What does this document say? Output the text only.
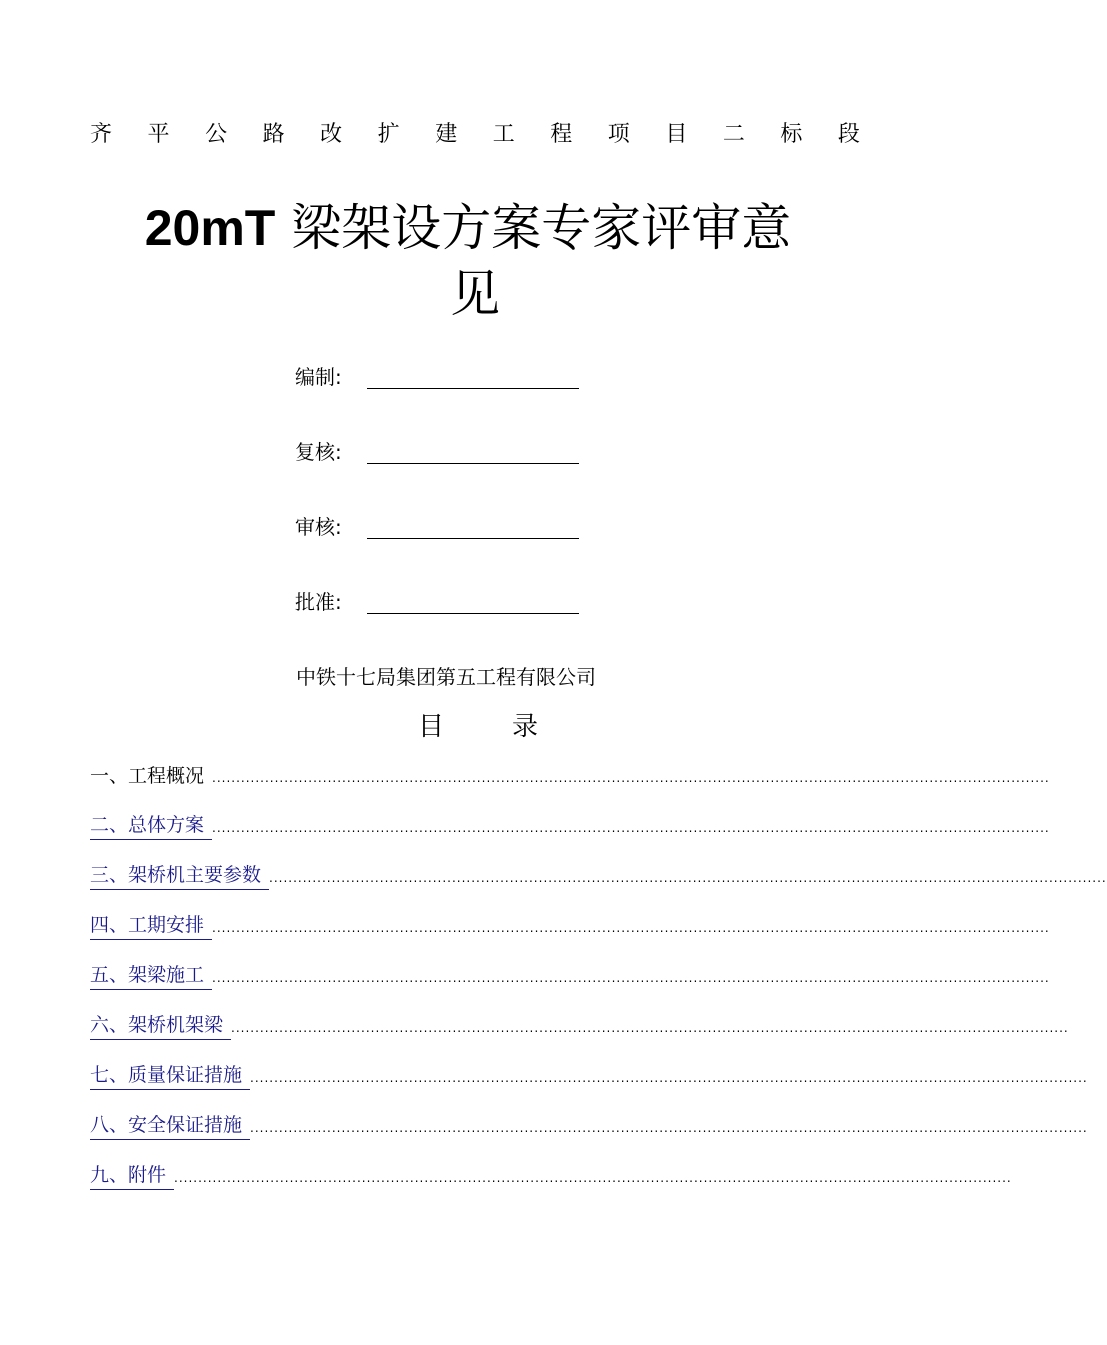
齐 平 公 路 改 扩 建 工 程 项 目 二 标 段
20mT 梁架设方案专家评审意
见
编制:
复核:
审核:
批准:
中铁十七局集团第五工程有限公司
目	录
一、工程概况 ..............................................................................................................................................................................
二、总体方案 ..............................................................................................................................................................................
三、架桥机主要参数 ..............................................................................................................................................................................
四、工期安排 ..............................................................................................................................................................................
五、架梁施工 ..............................................................................................................................................................................
六、架桥机架梁 ..............................................................................................................................................................................
七、质量保证措施 ..............................................................................................................................................................................
八、安全保证措施 ..............................................................................................................................................................................
九、附件 ..............................................................................................................................................................................
